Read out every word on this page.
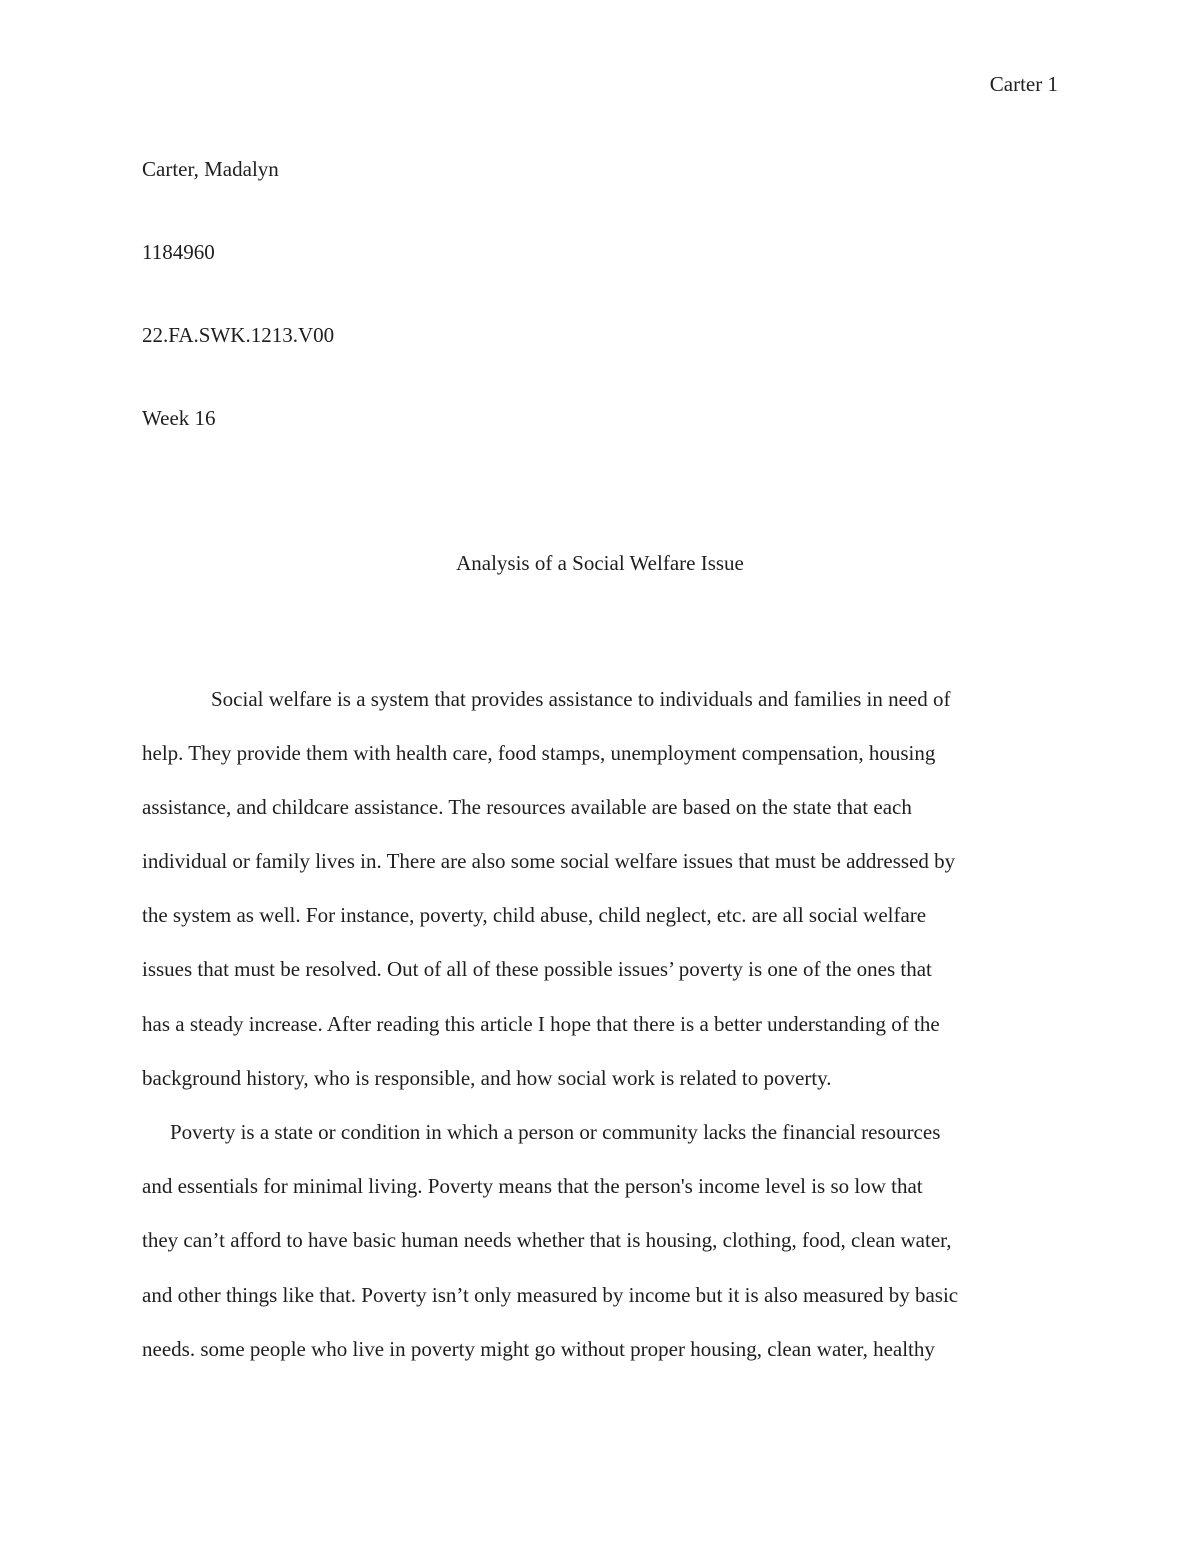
Carter 1
Carter, Madalyn
1184960
22.FA.SWK.1213.V00
Week 16
Analysis of a Social Welfare Issue
Social welfare is a system that provides assistance to individuals and families in need of
help. They provide them with health care, food stamps, unemployment compensation, housing
assistance, and childcare assistance. The resources available are based on the state that each
individual or family lives in. There are also some social welfare issues that must be addressed by
the system as well. For instance, poverty, child abuse, child neglect, etc. are all social welfare
issues that must be resolved. Out of all of these possible issues’ poverty is one of the ones that
has a steady increase. After reading this article I hope that there is a better understanding of the
background history, who is responsible, and how social work is related to poverty.
Poverty is a state or condition in which a person or community lacks the financial resources
and essentials for minimal living. Poverty means that the person's income level is so low that
they can’t afford to have basic human needs whether that is housing, clothing, food, clean water,
and other things like that. Poverty isn’t only measured by income but it is also measured by basic
needs. some people who live in poverty might go without proper housing, clean water, healthy
